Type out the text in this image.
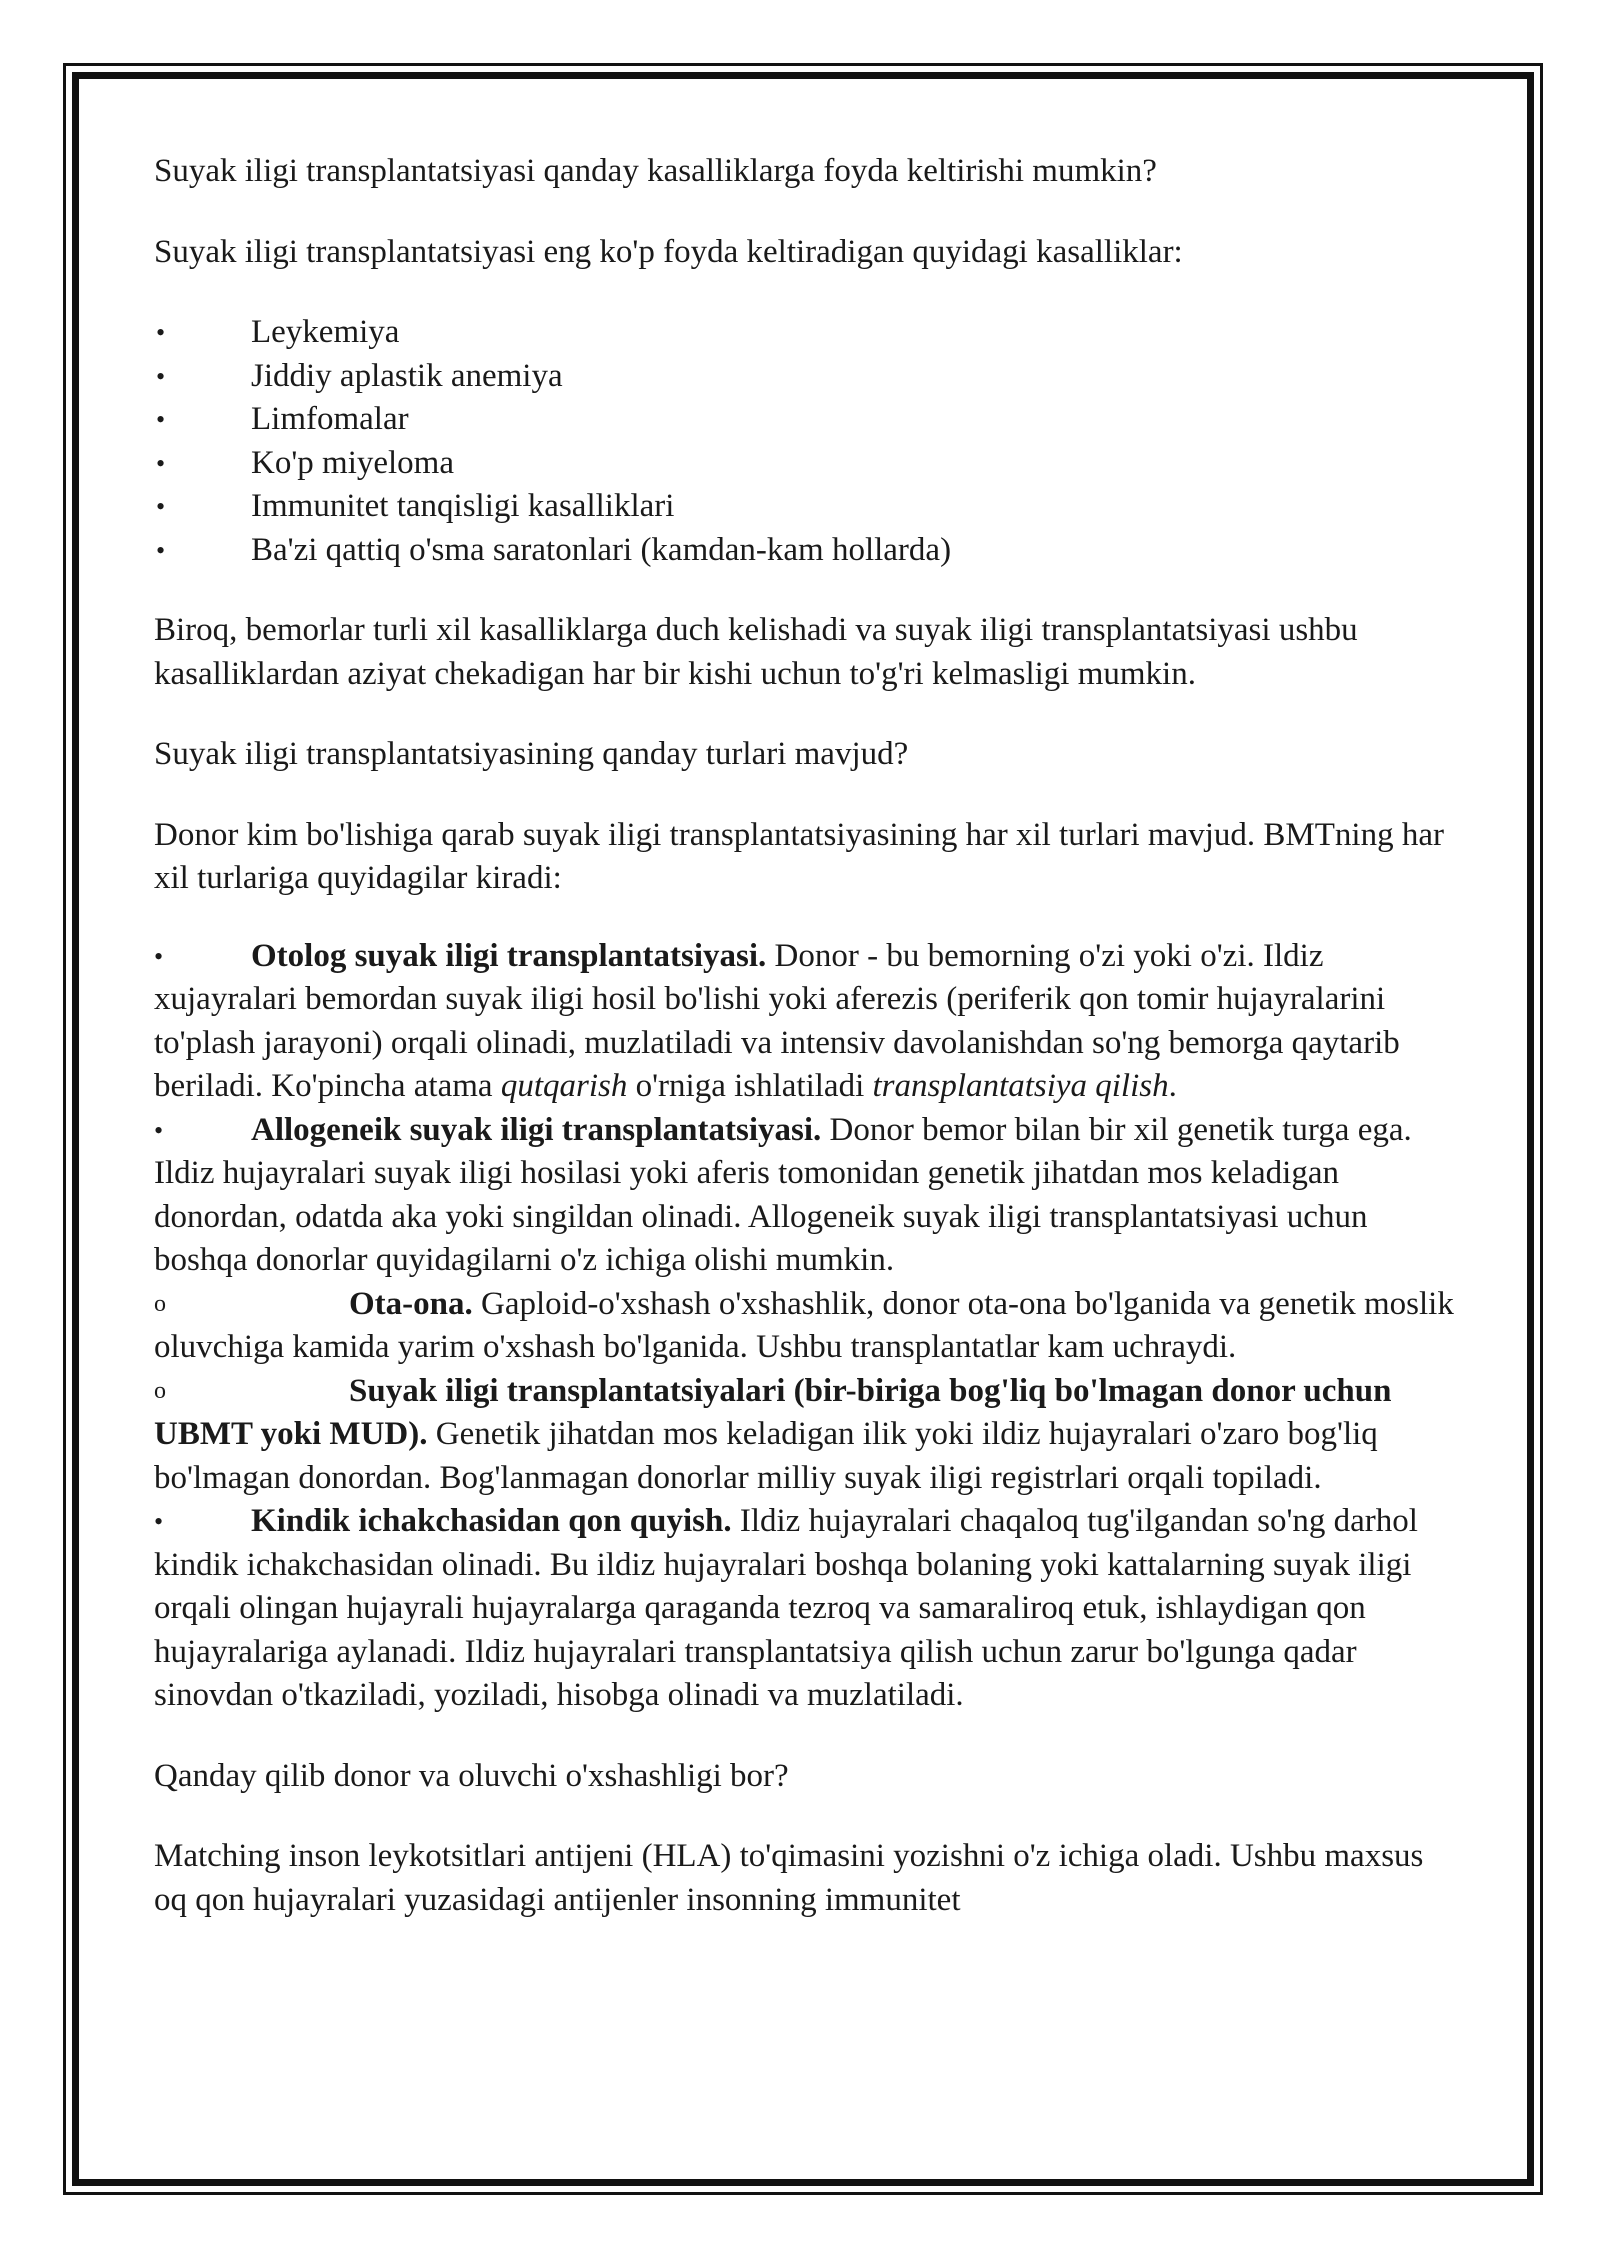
Suyak iligi transplantatsiyasi qanday kasalliklarga foyda keltirishi mumkin?

Suyak iligi transplantatsiyasi eng ko'p foyda keltiradigan quyidagi kasalliklar:

•	Leykemiya
•	Jiddiy aplastik anemiya
•	Limfomalar
•	Ko'p miyeloma
•	Immunitet tanqisligi kasalliklari
•	Ba'zi qattiq o'sma saratonlari (kamdan-kam hollarda)

Biroq, bemorlar turli xil kasalliklarga duch kelishadi va suyak iligi transplantatsiyasi ushbu kasalliklardan aziyat chekadigan har bir kishi uchun to'g'ri kelmasligi mumkin.

Suyak iligi transplantatsiyasining qanday turlari mavjud?

Donor kim bo'lishiga qarab suyak iligi transplantatsiyasining har xil turlari mavjud. BMTning har xil turlariga quyidagilar kiradi:

•	Otolog suyak iligi transplantatsiyasi. Donor - bu bemorning o'zi yoki o'zi. Ildiz xujayralari bemordan suyak iligi hosil bo'lishi yoki aferezis (periferik qon tomir hujayralarini to'plash jarayoni) orqali olinadi, muzlatiladi va intensiv davolanishdan so'ng bemorga qaytarib beriladi. Ko'pincha atama qutqarish o'rniga ishlatiladi transplantatsiya qilish.

•	Allogeneik suyak iligi transplantatsiyasi. Donor bemor bilan bir xil genetik turga ega. Ildiz hujayralari suyak iligi hosilasi yoki aferis tomonidan genetik jihatdan mos keladigan donordan, odatda aka yoki singildan olinadi. Allogeneik suyak iligi transplantatsiyasi uchun boshqa donorlar quyidagilarni o'z ichiga olishi mumkin.

o	Ota-ona. Gaploid-o'xshash o'xshashlik, donor ota-ona bo'lganida va genetik moslik oluvchiga kamida yarim o'xshash bo'lganida. Ushbu transplantatlar kam uchraydi.

o	Suyak iligi transplantatsiyalari (bir-biriga bog'liq bo'lmagan donor uchun UBMT yoki MUD). Genetik jihatdan mos keladigan ilik yoki ildiz hujayralari o'zaro bog'liq bo'lmagan donordan. Bog'lanmagan donorlar milliy suyak iligi registrlari orqali topiladi.

•	Kindik ichakchasidan qon quyish. Ildiz hujayralari chaqaloq tug'ilgandan so'ng darhol kindik ichakchasidan olinadi. Bu ildiz hujayralari boshqa bolaning yoki kattalarning suyak iligi orqali olingan hujayrali hujayralarga qaraganda tezroq va samaraliroq etuk, ishlaydigan qon hujayralariga aylanadi. Ildiz hujayralari transplantatsiya qilish uchun zarur bo'lgunga qadar sinovdan o'tkaziladi, yoziladi, hisobga olinadi va muzlatiladi.

Qanday qilib donor va oluvchi o'xshashligi bor?

Matching inson leykotsitlari antijeni (HLA) to'qimasini yozishni o'z ichiga oladi. Ushbu maxsus oq qon hujayralari yuzasidagi antijenler insonning immunitet
